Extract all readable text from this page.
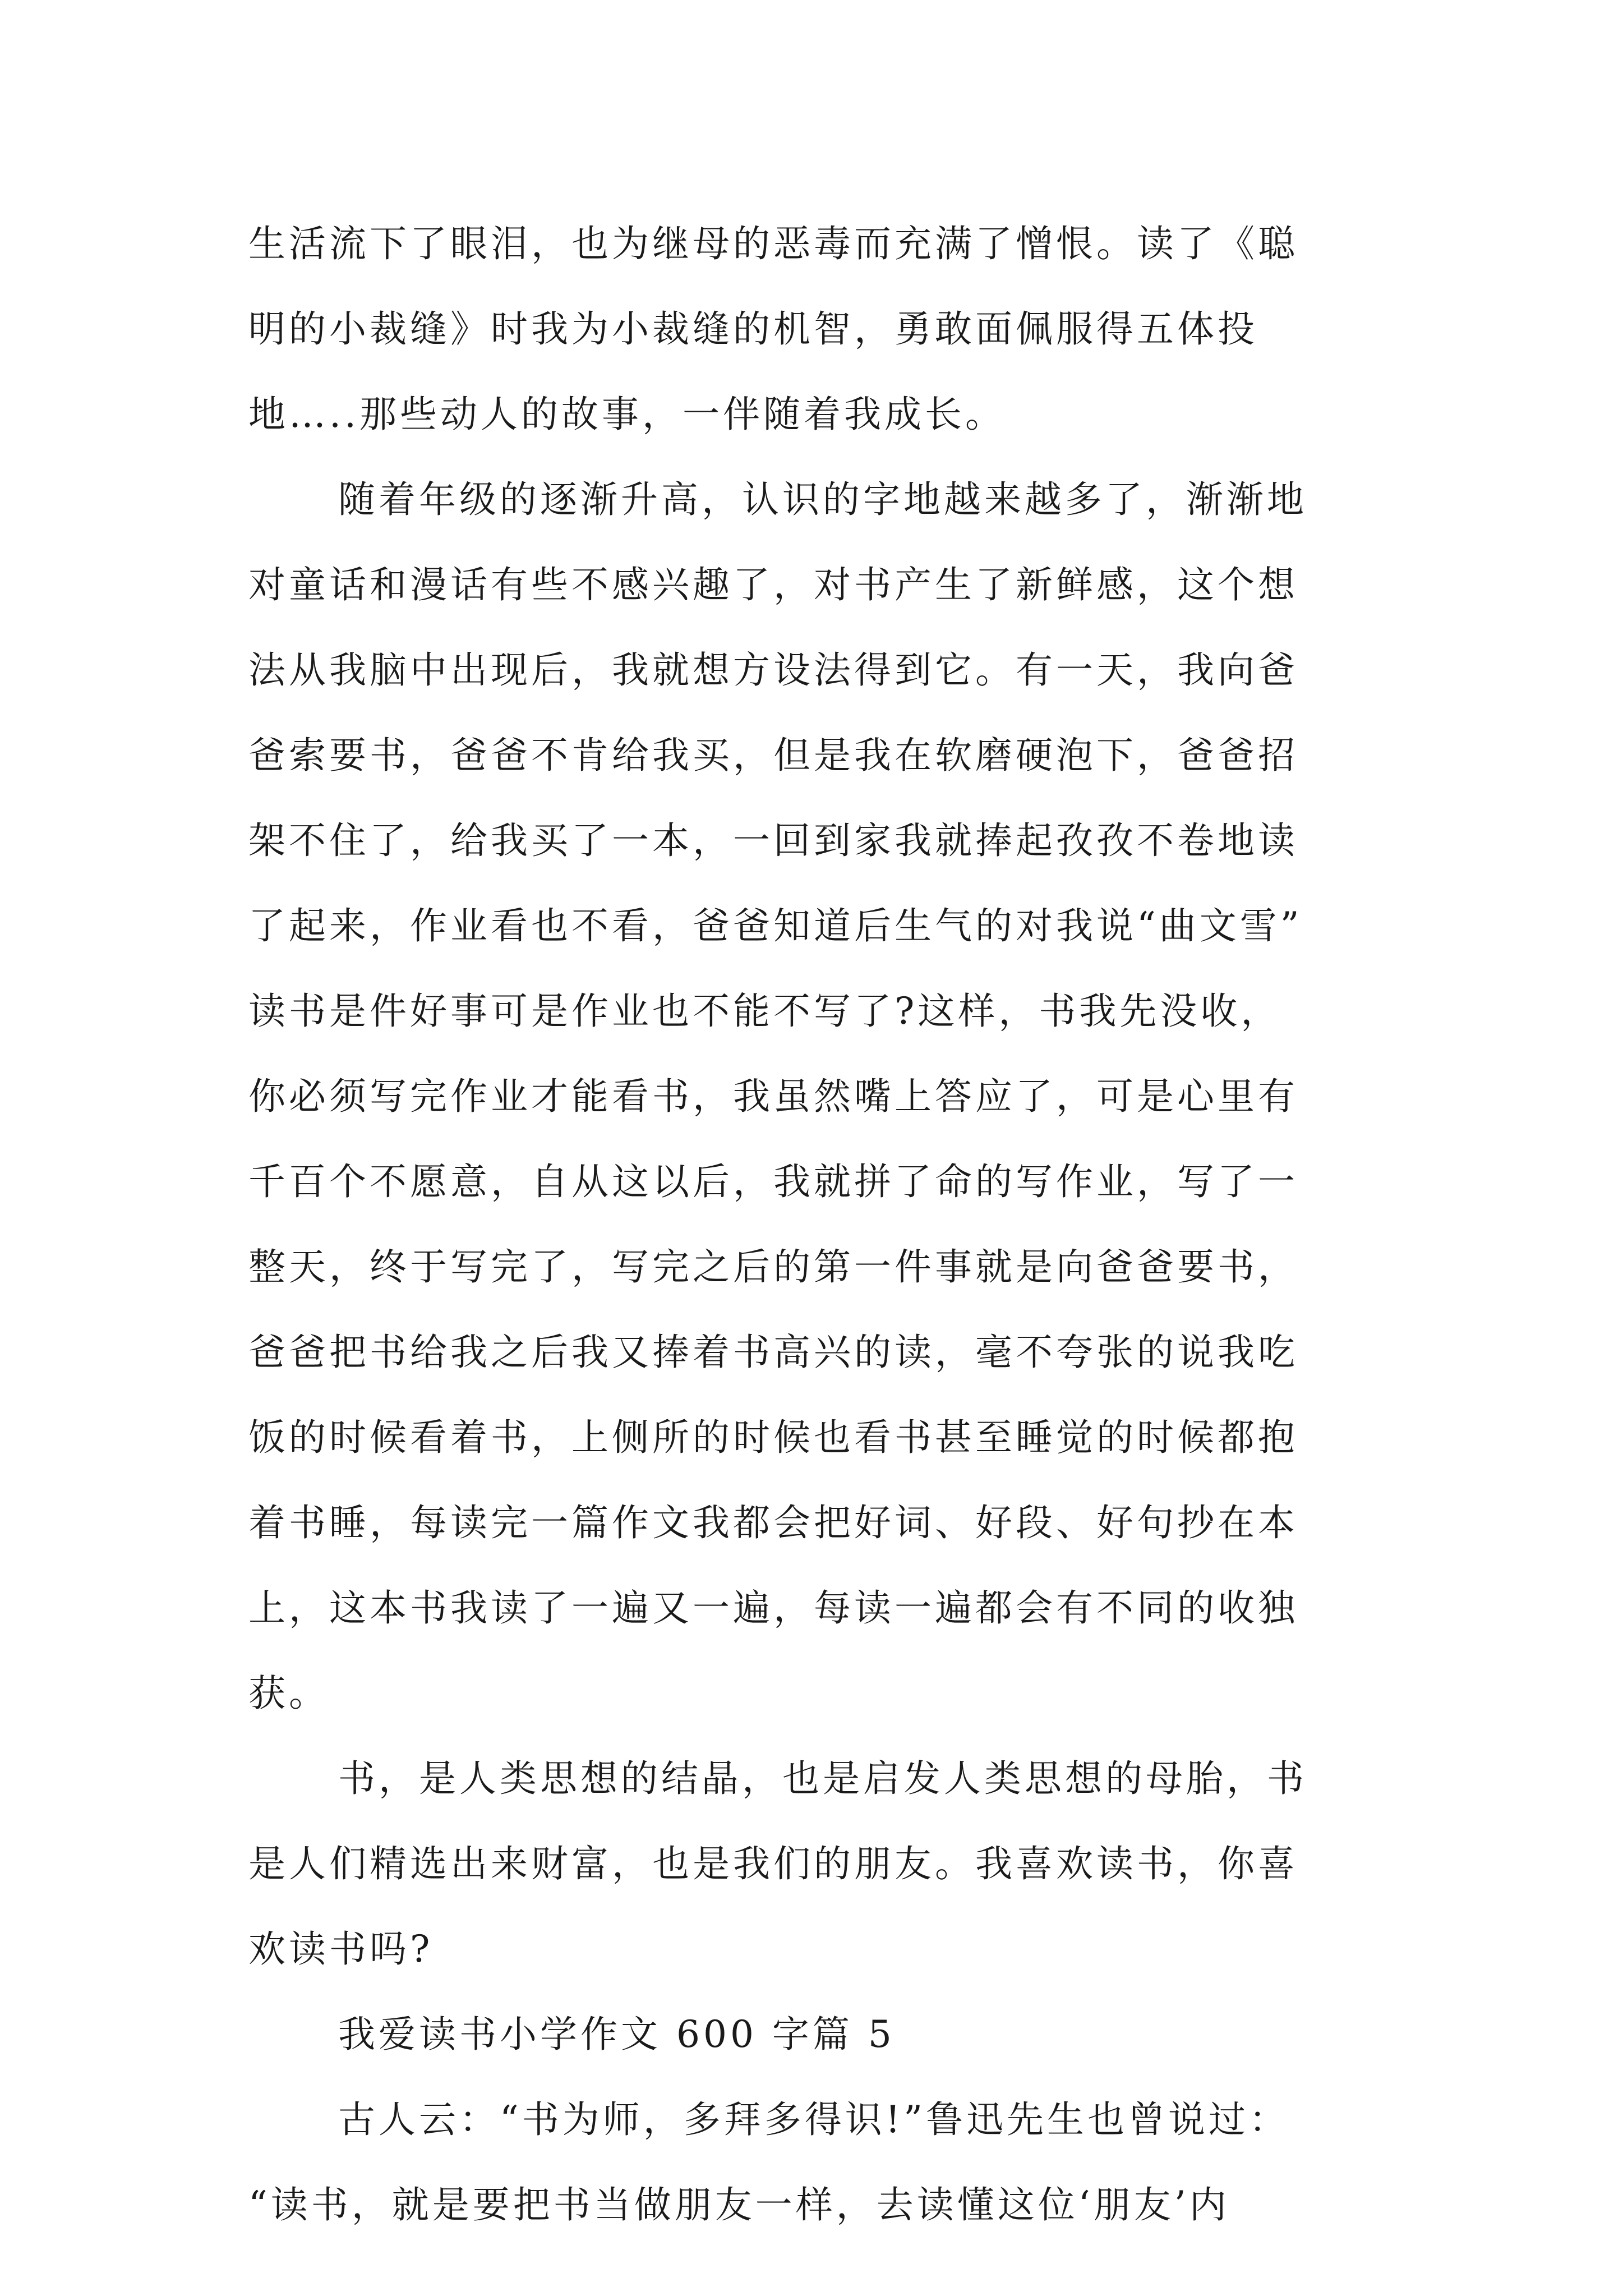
生活流下了眼泪，也为继母的恶毒而充满了憎恨。读了《聪
明的小裁缝》时我为小裁缝的机智，勇敢面佩服得五体投
地…..那些动人的故事，一伴随着我成长。
随着年级的逐渐升高，认识的字地越来越多了，渐渐地
对童话和漫话有些不感兴趣了，对书产生了新鲜感，这个想
法从我脑中出现后，我就想方设法得到它。有一天，我向爸
爸索要书，爸爸不肯给我买，但是我在软磨硬泡下，爸爸招
架不住了，给我买了一本，一回到家我就捧起孜孜不卷地读
了起来，作业看也不看，爸爸知道后生气的对我说“曲文雪”
读书是件好事可是作业也不能不写了?这样，书我先没收，
你必须写完作业才能看书，我虽然嘴上答应了，可是心里有
千百个不愿意，自从这以后，我就拼了命的写作业，写了一
整天，终于写完了，写完之后的第一件事就是向爸爸要书，
爸爸把书给我之后我又捧着书高兴的读，毫不夸张的说我吃
饭的时候看着书，上侧所的时候也看书甚至睡觉的时候都抱
着书睡，每读完一篇作文我都会把好词、好段、好句抄在本
上，这本书我读了一遍又一遍，每读一遍都会有不同的收独
获。
书，是人类思想的结晶，也是启发人类思想的母胎，书
是人们精选出来财富，也是我们的朋友。我喜欢读书，你喜
欢读书吗?
我爱读书小学作文 600 字篇 5
古人云：“书为师，多拜多得识!”鲁迅先生也曾说过：
“读书，就是要把书当做朋友一样，去读懂这位‘朋友’内
